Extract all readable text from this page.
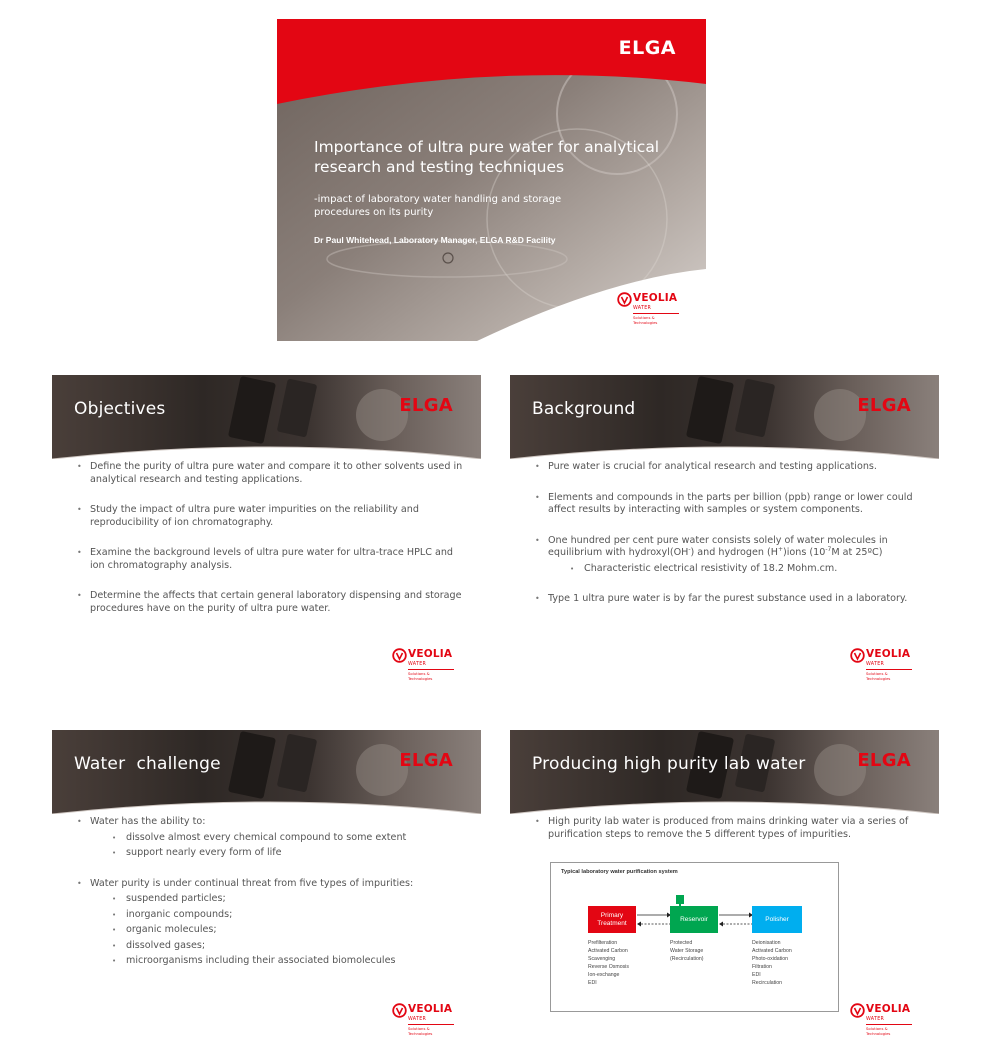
ELGA
Importance of ultra pure water for analytical research and testing techniques
-impact of laboratory water handling and storage procedures on its purity
Dr Paul Whitehead, Laboratory Manager, ELGA R&D Facility
VEOLIA
WATER
Solutions & Technologies
Objectives	ELGA
• Define the purity of ultra pure water and compare it to other solvents used in analytical research and testing applications.
• Study the impact of ultra pure water impurities on the reliability and reproducibility of ion chromatography.
• Examine the background levels of ultra pure water for ultra-trace HPLC and ion chromatography analysis.
• Determine the affects that certain general laboratory dispensing and storage procedures have on the purity of ultra pure water.
VEOLIA
WATER
Solutions & Technologies
Background	ELGA
• Pure water is crucial for analytical research and testing applications.
• Elements and compounds in the parts per billion (ppb) range or lower could affect results by interacting with samples or system components.
• One hundred per cent pure water consists solely of water molecules in equilibrium with hydroxyl(OH-) and hydrogen (H+)ions ($10^{-7}M$ at 25ºC)
• Characteristic electrical resistivity of 18.2 Mohm.cm.
• Type 1 ultra pure water is by far the purest substance used in a laboratory.
VEOLIA
WATER
Solutions & Technologies
Water  challenge	ELGA
• Water has the ability to:
• dissolve almost every chemical compound to some extent
• support nearly every form of life
• Water purity is under continual threat from five types of impurities:
• suspended particles;
• inorganic compounds;
• organic molecules;
• dissolved gases;
• microorganisms including their associated biomolecules
VEOLIA
WATER
Solutions & Technologies
Producing high purity lab water	ELGA
• High purity lab water is produced from mains drinking water via a series of purification steps to remove the 5 different types of impurities.
Typical laboratory water purification system
Primary Treatment
Reservoir	Polisher
Prefilteration
Activated Carbon
Scavenging
Reverse Osmosis
Ion-exchange
EDI
Protected
Water Storage
(Recirculation)
Deionisation
Activated Carbon
Photo-oxidation
Filtration
EDI
Recirculation
VEOLIA
WATER
Solutions & Technologies
